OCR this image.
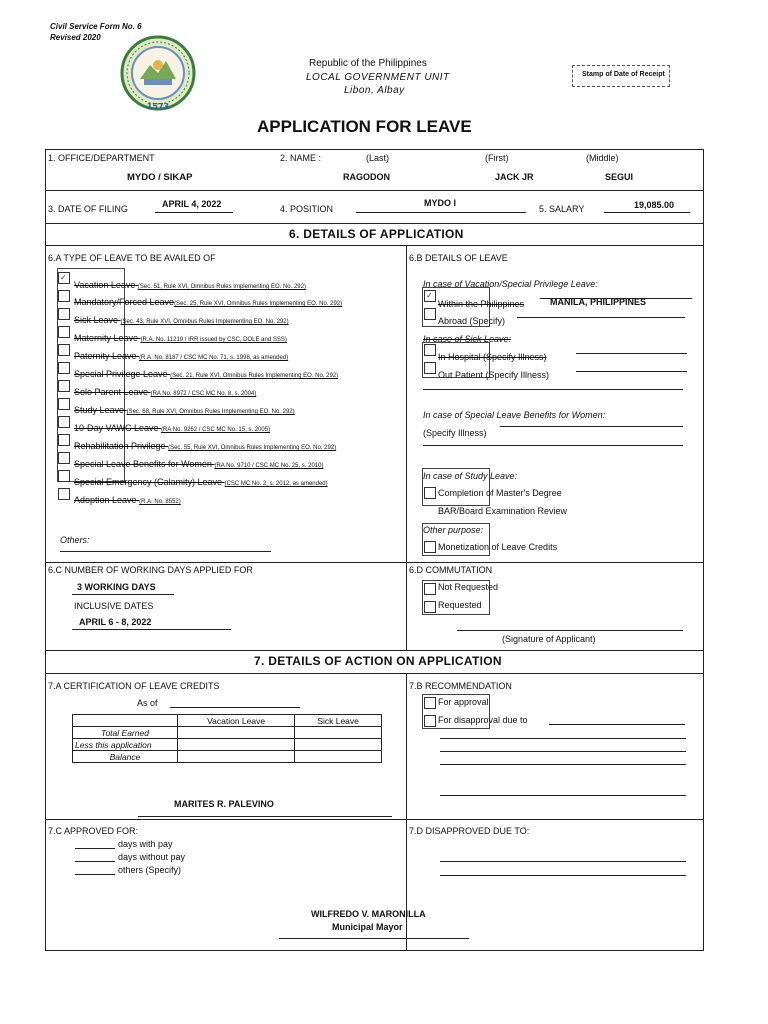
Civil Service Form No. 6
Revised 2020
1573
Republic of the Philippines
LOCAL GOVERNMENT UNIT
Libon, Albay
Stamp of Date of Receipt
APPLICATION FOR LEAVE
1. OFFICE/DEPARTMENT
MYDO / SIKAP
2. NAME :	(Last)	(First)	(Middle)
RAGODON	JACK JR	SEGUI
3. DATE OF FILING	APRIL 4, 2022	4. POSITION
MYDO I
5. SALARY	19,085.00
6. DETAILS OF APPLICATION
6.A TYPE OF LEAVE TO BE AVAILED OF	6.B DETAILS OF LEAVE
✓
Vacation Leave (Sec. 51, Rule XVI, Omnibus Rules Implementing EO. No. 292)
Mandatory/Forced Leave(Sec. 25, Rule XVI, Omnibus Rules Implementing EO. No. 292)
Sick Leave (Sec. 43, Rule XVI, Omnibus Rules Implementing EO. No. 292)
Maternity Leave (R.A. No. 11210 / IRR issued by CSC, DOLE and SSS)
Paternity Leave (R.A. No. 8187 / CSC MC No. 71, s. 1998, as amended)
Special Privilege Leave (Sec. 21, Rule XVI, Omnibus Rules Implementing EO. No. 292)
Solo Parent Leave (RA No. 8972 / CSC MC No. 8, s. 2004)
Study Leave (Sec. 68, Rule XVI, Omnibus Rules Implementing EO. No. 292)
10-Day VAWC Leave (RA No. 9262 / CSC MC No. 15, s. 2005)
Rehabilitation Privilege (Sec. 55, Rule XVI, Omnibus Rules Implementing EO. No. 292)
Special Leave Benefits for Women (RA No. 9710 / CSC MC No. 25, s. 2010)
Special Emergency (Calamity) Leave (CSC MC No. 2, s. 2012, as amended)
Adoption Leave (R.A. No. 8552)
Others:
In case of Vacation/Special Privilege Leave:
✓
Within the Philippines	MANILA, PHILIPPINES
Abroad (Specify)
In case of Sick Leave:
In Hospital (Specify Illness)
Out Patient (Specify Illness)
In case of Special Leave Benefits for Women:
(Specify Illness)
In case of Study Leave:
Completion of Master's Degree
BAR/Board Examination Review
Other purpose:
Monetization of Leave Credits
6.C NUMBER OF WORKING DAYS APPLIED FOR
3 WORKING DAYS
INCLUSIVE DATES
APRIL 6 - 8, 2022
6.D COMMUTATION
Not Requested
Requested
(Signature of Applicant)
7. DETAILS OF ACTION ON APPLICATION
7.A CERTIFICATION OF LEAVE CREDITS
As of
	Vacation Leave	Sick Leave
Total Earned		
Less this application		
Balance		
MARITES R. PALEVINO
7.B RECOMMENDATION
For approval
For disapproval due to
7.C APPROVED FOR:
days with pay
days without pay
others (Specify)
7.D DISAPPROVED DUE TO:
WILFREDO V. MARONILLA
Municipal Mayor
